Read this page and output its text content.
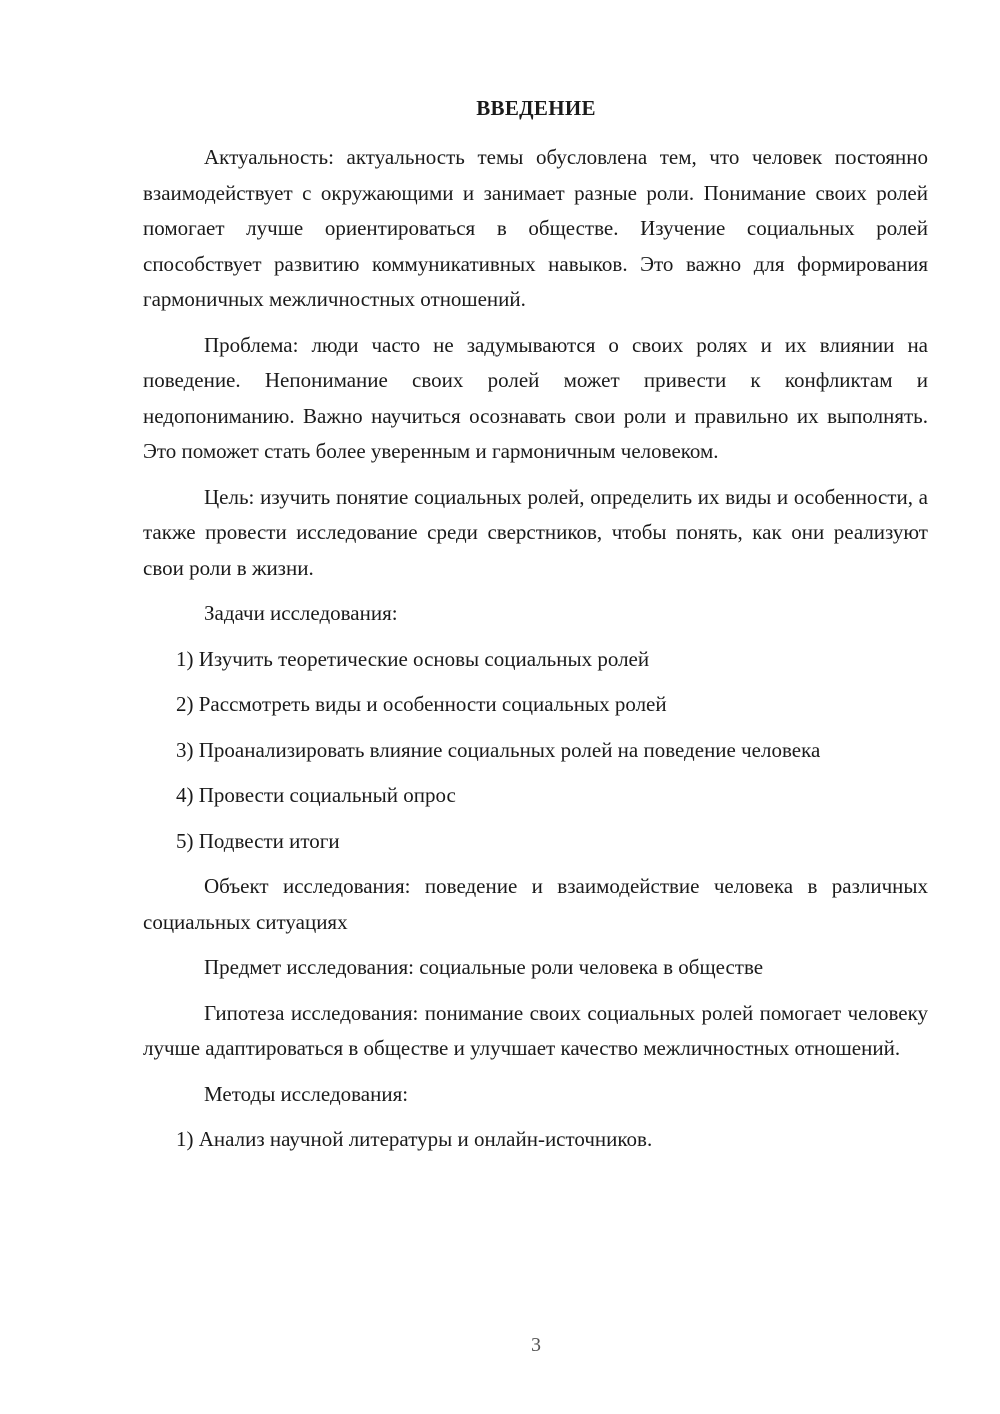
ВВЕДЕНИЕ

Актуальность: актуальность темы обусловлена тем, что человек постоянно взаимодействует с окружающими и занимает разные роли. Понимание своих ролей помогает лучше ориентироваться в обществе. Изучение социальных ролей способствует развитию коммуникативных навыков. Это важно для формирования гармоничных межличностных отношений.

Проблема: люди часто не задумываются о своих ролях и их влиянии на поведение. Непонимание своих ролей может привести к конфликтам и недопониманию. Важно научиться осознавать свои роли и правильно их выполнять. Это поможет стать более уверенным и гармоничным человеком.

Цель: изучить понятие социальных ролей, определить их виды и особенности, а также провести исследование среди сверстников, чтобы понять, как они реализуют свои роли в жизни.

Задачи исследования:

1) Изучить теоретические основы социальных ролей

2) Рассмотреть виды и особенности социальных ролей

3) Проанализировать влияние социальных ролей на поведение человека

4) Провести социальный опрос

5) Подвести итоги

Объект исследования: поведение и взаимодействие человека в различных социальных ситуациях

Предмет исследования: социальные роли человека в обществе

Гипотеза исследования: понимание своих социальных ролей помогает человеку лучше адаптироваться в обществе и улучшает качество межличностных отношений.

Методы исследования:

1) Анализ научной литературы и онлайн-источников.

3
